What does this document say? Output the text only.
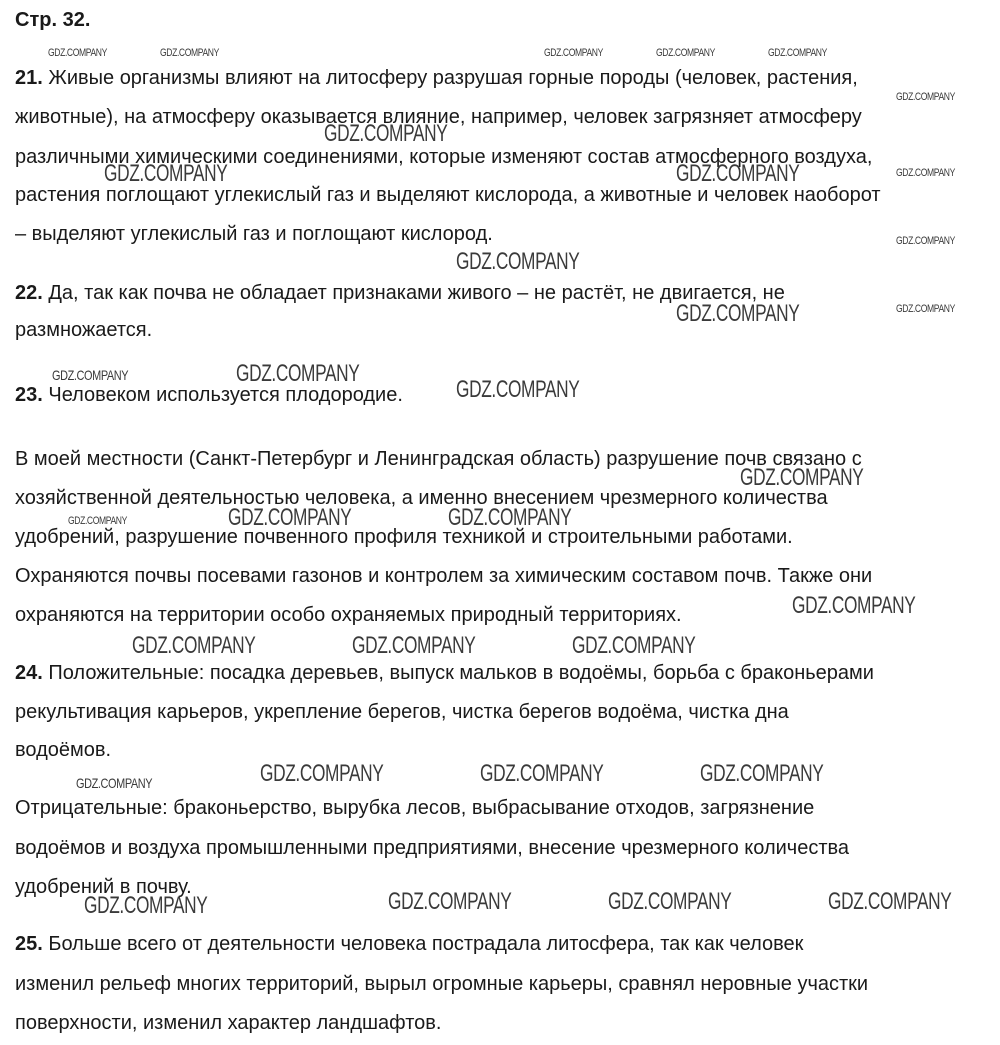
Стр. 32.
21. Живые организмы влияют на литосферу разрушая горные породы (человек, растения,
животные), на атмосферу оказывается влияние, например, человек загрязняет атмосферу
различными химическими соединениями, которые изменяют состав атмосферного воздуха,
растения поглощают углекислый газ и выделяют кислорода, а животные и человек наоборот
– выделяют углекислый газ и поглощают кислород.
22. Да, так как почва не обладает признаками живого – не растёт, не двигается, не
размножается.
23. Человеком используется плодородие.
В моей местности (Санкт-Петербург и Ленинградская область) разрушение почв связано с
хозяйственной деятельностью человека, а именно внесением чрезмерного количества
удобрений, разрушение почвенного профиля техникой и строительными работами.
Охраняются почвы посевами газонов и контролем за химическим составом почв. Также они
охраняются на территории особо охраняемых природный территориях.
24. Положительные: посадка деревьев, выпуск мальков в водоёмы, борьба с браконьерами
рекультивация карьеров, укрепление берегов, чистка берегов водоёма, чистка дна
водоёмов.
Отрицательные: браконьерство, вырубка лесов, выбрасывание отходов, загрязнение
водоёмов и воздуха промышленными предприятиями, внесение чрезмерного количества
удобрений в почву.
25. Больше всего от деятельности человека пострадала литосфера, так как человек
изменил рельеф многих территорий, вырыл огромные карьеры, сравнял неровные участки
поверхности, изменил характер ландшафтов.
GDZ.COMPANY	GDZ.COMPANY	GDZ.COMPANY	GDZ.COMPANY	GDZ.COMPANY
GDZ.COMPANY
GDZ.COMPANY
GDZ.COMPANY
GDZ.COMPANY
GDZ.COMPANY
GDZ.COMPANY
GDZ.COMPANY
GDZ.COMPANY
GDZ.COMPANY	GDZ.COMPANY
GDZ.COMPANY
GDZ.COMPANY
GDZ.COMPANY
GDZ.COMPANY
GDZ.COMPANY
GDZ.COMPANY	GDZ.COMPANY
GDZ.COMPANY
GDZ.COMPANY	GDZ.COMPANY	GDZ.COMPANY
GDZ.COMPANY	GDZ.COMPANY	GDZ.COMPANY
GDZ.COMPANY	GDZ.COMPANY	GDZ.COMPANY	GDZ.COMPANY
